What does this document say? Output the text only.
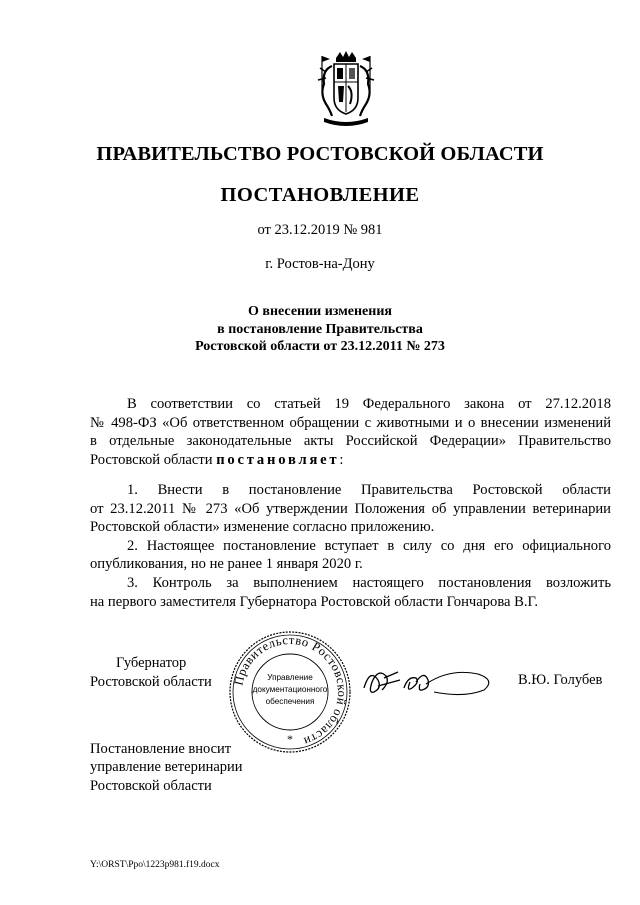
ПРАВИТЕЛЬСТВО РОСТОВСКОЙ ОБЛАСТИ
ПОСТАНОВЛЕНИЕ
от 23.12.2019 № 981
г. Ростов-на-Дону
О внесении изменения
в постановление Правительства
Ростовской области от 23.12.2011 № 273
В соответствии со статьей 19 Федерального закона от 27.12.2018
№ 498-ФЗ «Об ответственном обращении с животными и о внесении изменений
в отдельные законодательные акты Российской Федерации» Правительство
Ростовской области постановляет:
1. Внести в постановление Правительства Ростовской области
от 23.12.2011 № 273 «Об утверждении Положения об управлении ветеринарии
Ростовской области» изменение согласно приложению.
2. Настоящее постановление вступает в силу со дня его официального
опубликования, но не ранее 1 января 2020 г.
3. Контроль за выполнением настоящего постановления возложить
на первого заместителя Губернатора Ростовской области Гончарова В.Г.
Губернатор
Ростовской области Правительство Ростовской области
Управление
документационного
обеспечения
*
В.Ю. Голубев
Постановление вносит
управление ветеринарии
Ростовской области
Y:\ORST\Ppo\1223p981.f19.docx
